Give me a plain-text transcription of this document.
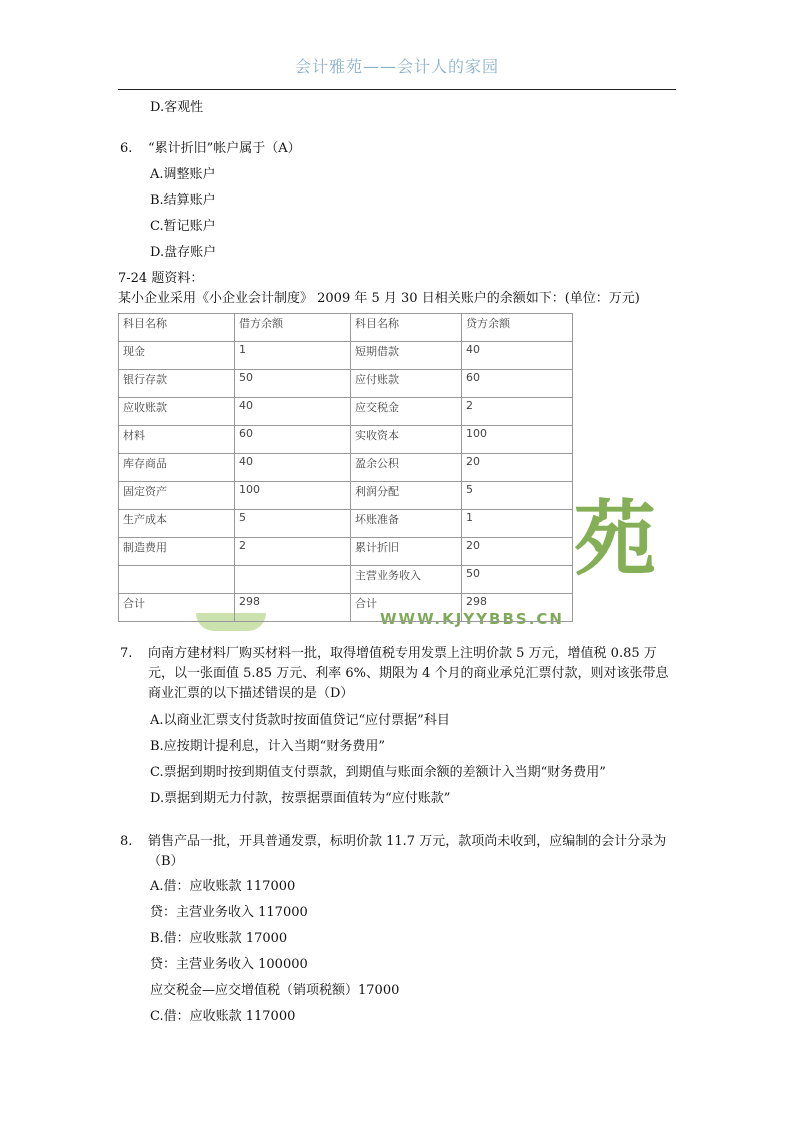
会计雅苑——会计人的家园
D.客观性
6. “累计折旧”帐户属于（A）
A.调整账户
B.结算账户
C.暂记账户
D.盘存账户
7-24 题资料：
某小企业采用《小企业会计制度》 2009 年 5 月 30 日相关账户的余额如下：(单位：万元)
苑
WWW.KJYYBBS.CN
科目名称	借方余额	科目名称	贷方余额
现金	1	短期借款	40
银行存款	50	应付账款	60
应收账款	40	应交税金	2
材料	60	实收资本	100
库存商品	40	盈余公积	20
固定资产	100	利润分配	5
生产成本	5	坏账准备	1
制造费用	2	累计折旧	20
		主营业务收入	50
合计	298	合计	298
7. 向南方建材料厂购买材料一批，取得增值税专用发票上注明价款 5 万元，增值税 0.85 万元，以一张面值 5.85 万元、利率 6%、期限为 4 个月的商业承兑汇票付款，则对该张带息商业汇票的以下描述错误的是（D）
A.以商业汇票支付货款时按面值贷记“应付票据”科目
B.应按期计提利息，计入当期“财务费用”
C.票据到期时按到期值支付票款，到期值与账面余额的差额计入当期“财务费用”
D.票据到期无力付款，按票据票面值转为“应付账款”
8. 销售产品一批，开具普通发票，标明价款 11.7 万元，款项尚未收到，应编制的会计分录为（B）
A.借：应收账款 117000
贷：主营业务收入 117000
B.借：应收账款 17000
贷：主营业务收入 100000
应交税金—应交增值税（销项税额）17000
C.借：应收账款 117000
